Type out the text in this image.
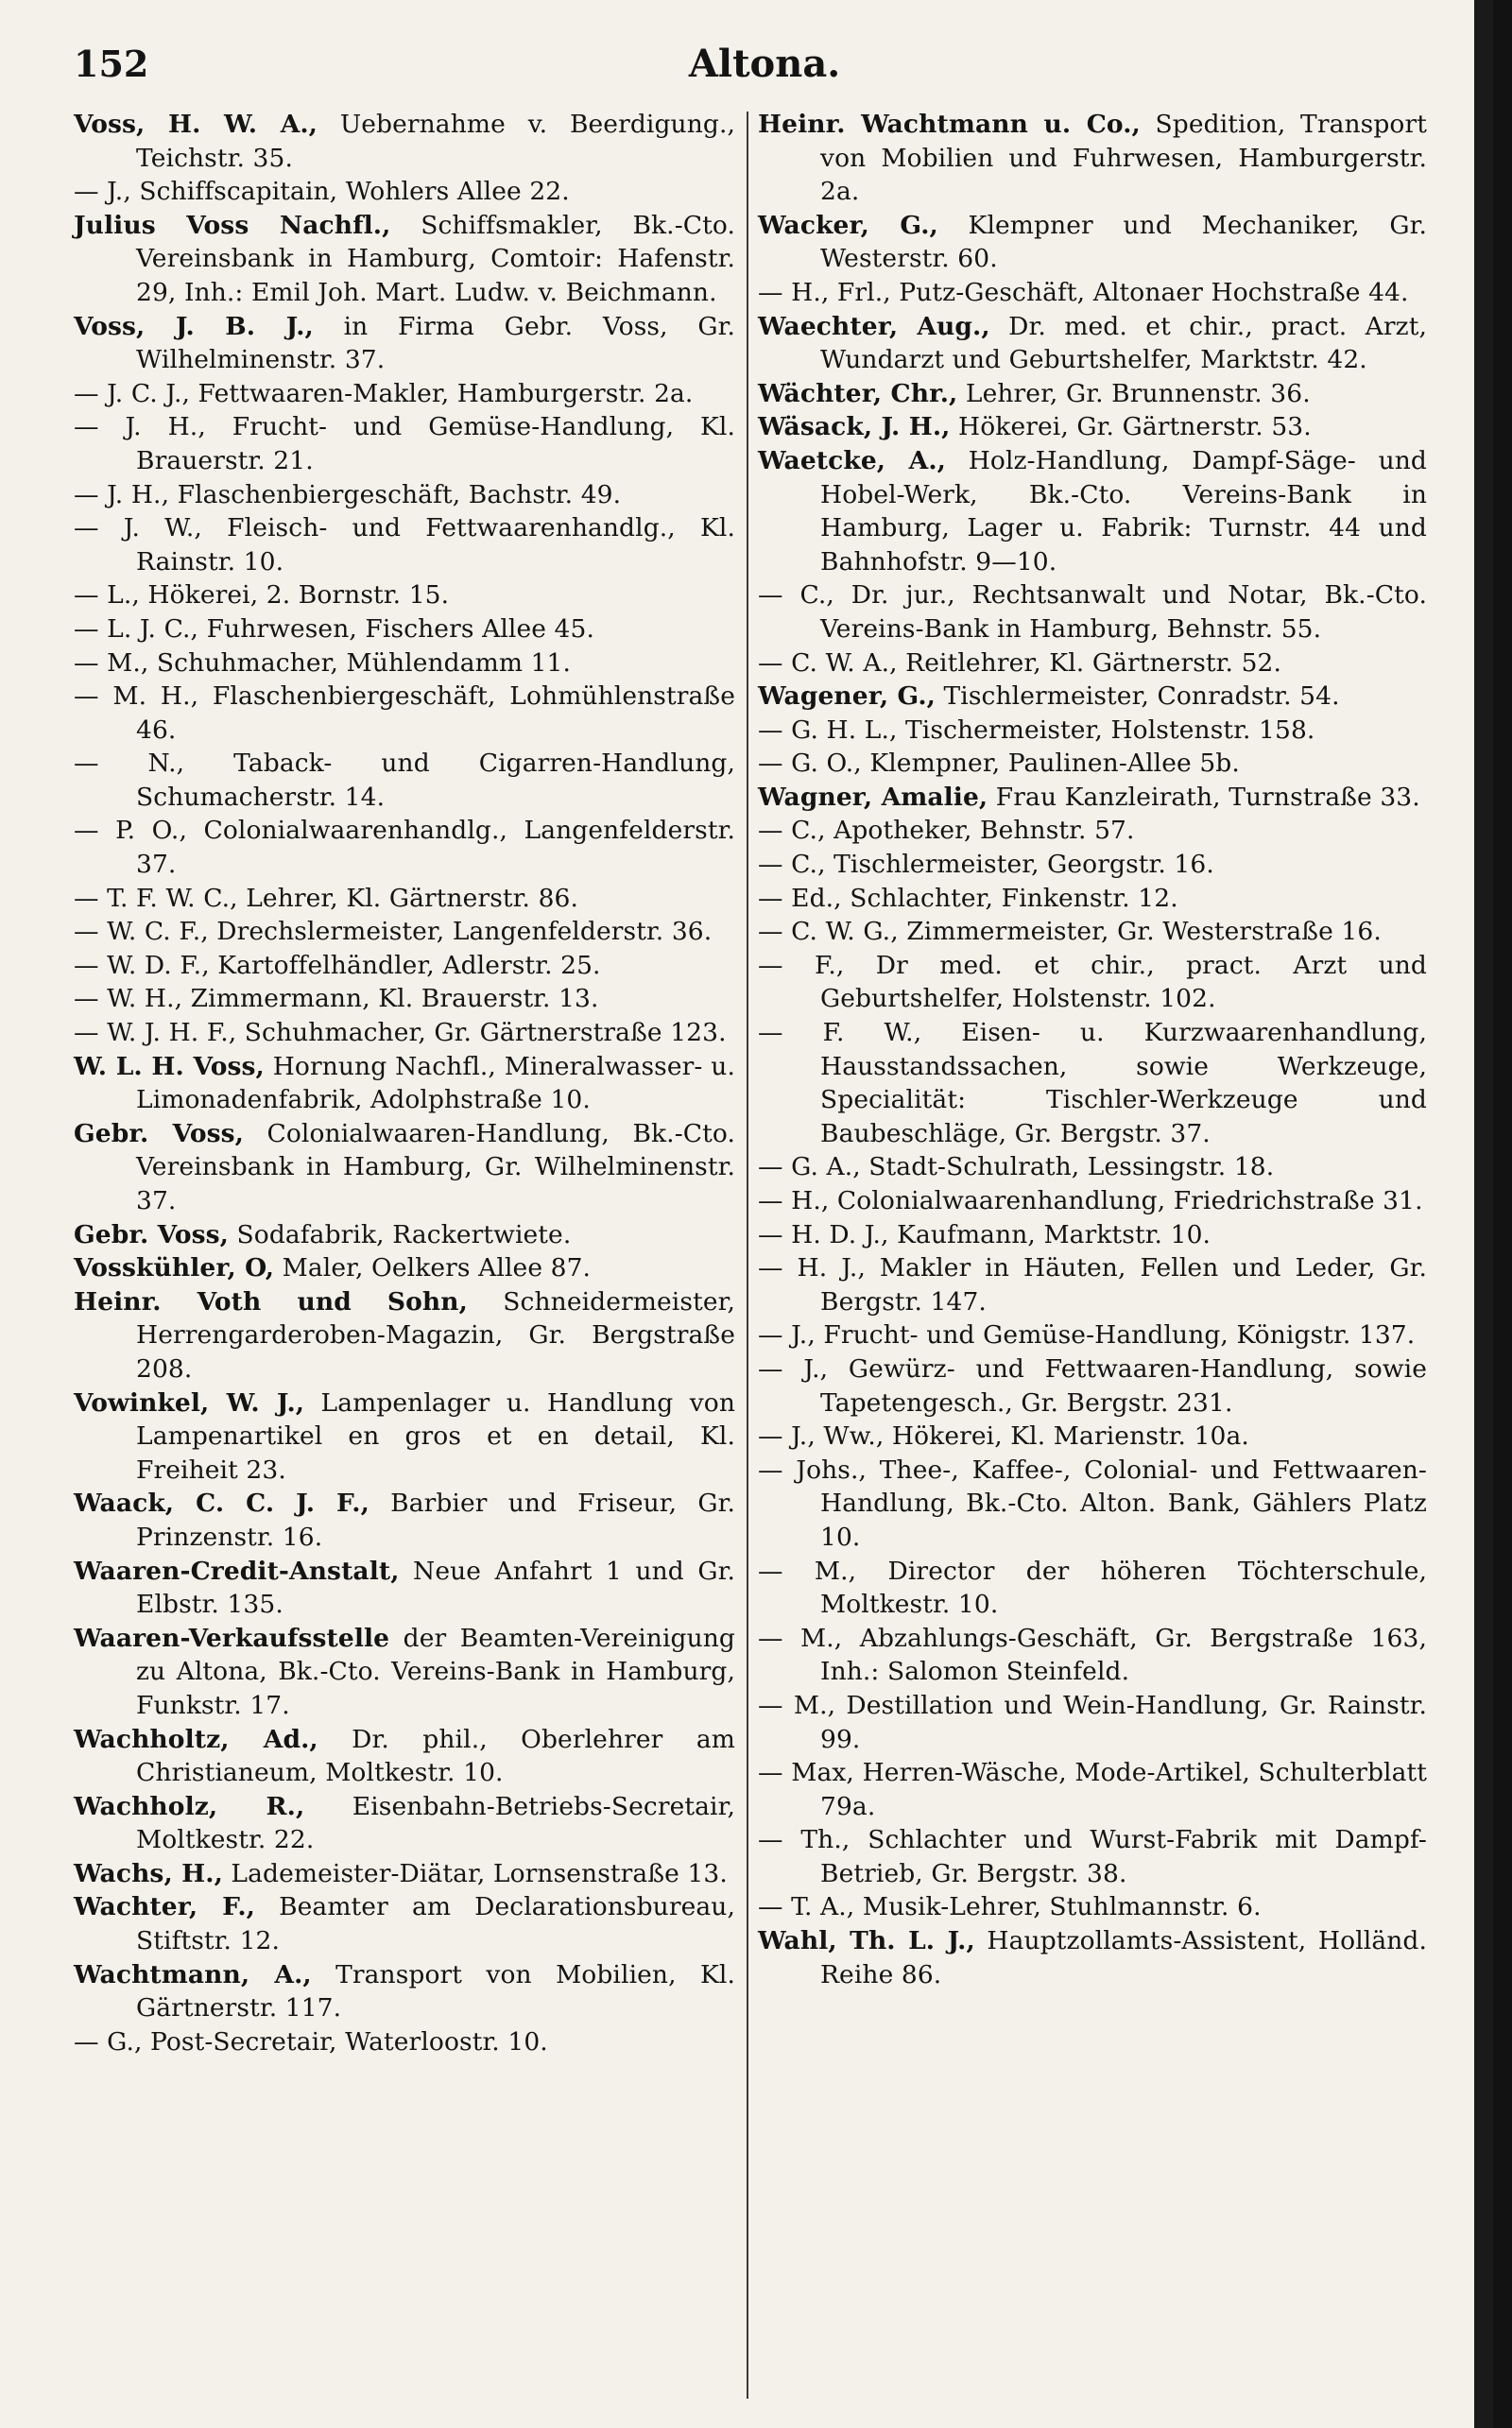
152	Altona.
Voss, H. W. A., Uebernahme v. Beerdigung., Teichstr. 35.
— J., Schiffscapitain, Wohlers Allee 22.
Julius Voss Nachfl., Schiffsmakler, Bk.-Cto. Vereinsbank in Hamburg, Comtoir: Hafenstr. 29, Inh.: Emil Joh. Mart. Ludw. v. Beichmann.
Voss, J. B. J., in Firma Gebr. Voss, Gr. Wilhelminenstr. 37.
— J. C. J., Fettwaaren-Makler, Hamburgerstr. 2a.
— J. H., Frucht- und Gemüse-Handlung, Kl. Brauerstr. 21.
— J. H., Flaschenbiergeschäft, Bachstr. 49.
— J. W., Fleisch- und Fettwaarenhandlg., Kl. Rainstr. 10.
— L., Hökerei, 2. Bornstr. 15.
— L. J. C., Fuhrwesen, Fischers Allee 45.
— M., Schuhmacher, Mühlendamm 11.
— M. H., Flaschenbiergeschäft, Lohmühlenstraße 46.
— N., Taback- und Cigarren-Handlung, Schumacherstr. 14.
— P. O., Colonialwaarenhandlg., Langenfelderstr. 37.
— T. F. W. C., Lehrer, Kl. Gärtnerstr. 86.
— W. C. F., Drechslermeister, Langenfelderstr. 36.
— W. D. F., Kartoffelhändler, Adlerstr. 25.
— W. H., Zimmermann, Kl. Brauerstr. 13.
— W. J. H. F., Schuhmacher, Gr. Gärtnerstraße 123.
W. L. H. Voss, Hornung Nachfl., Mineralwasser- u. Limonadenfabrik, Adolphstraße 10.
Gebr. Voss, Colonialwaaren-Handlung, Bk.-Cto. Vereinsbank in Hamburg, Gr. Wilhelminenstr. 37.
Gebr. Voss, Sodafabrik, Rackertwiete.
Vosskühler, O, Maler, Oelkers Allee 87.
Heinr. Voth und Sohn, Schneidermeister, Herrengarderoben-Magazin, Gr. Bergstraße 208.
Vowinkel, W. J., Lampenlager u. Handlung von Lampenartikel en gros et en detail, Kl. Freiheit 23.
Waack, C. C. J. F., Barbier und Friseur, Gr. Prinzenstr. 16.
Waaren-Credit-Anstalt, Neue Anfahrt 1 und Gr. Elbstr. 135.
Waaren-Verkaufsstelle der Beamten-Vereinigung zu Altona, Bk.-Cto. Vereins-Bank in Hamburg, Funkstr. 17.
Wachholtz, Ad., Dr. phil., Oberlehrer am Christianeum, Moltkestr. 10.
Wachholz, R., Eisenbahn-Betriebs-Secretair, Moltkestr. 22.
Wachs, H., Lademeister-Diätar, Lornsenstraße 13.
Wachter, F., Beamter am Declarationsbureau, Stiftstr. 12.
Wachtmann, A., Transport von Mobilien, Kl. Gärtnerstr. 117.
— G., Post-Secretair, Waterloostr. 10.
Heinr. Wachtmann u. Co., Spedition, Transport von Mobilien und Fuhrwesen, Hamburgerstr. 2a.
Wacker, G., Klempner und Mechaniker, Gr. Westerstr. 60.
— H., Frl., Putz-Geschäft, Altonaer Hochstraße 44.
Waechter, Aug., Dr. med. et chir., pract. Arzt, Wundarzt und Geburtshelfer, Marktstr. 42.
Wächter, Chr., Lehrer, Gr. Brunnenstr. 36.
Wäsack, J. H., Hökerei, Gr. Gärtnerstr. 53.
Waetcke, A., Holz-Handlung, Dampf-Säge- und Hobel-Werk, Bk.-Cto. Vereins-Bank in Hamburg, Lager u. Fabrik: Turnstr. 44 und Bahnhofstr. 9—10.
— C., Dr. jur., Rechtsanwalt und Notar, Bk.-Cto. Vereins-Bank in Hamburg, Behnstr. 55.
— C. W. A., Reitlehrer, Kl. Gärtnerstr. 52.
Wagener, G., Tischlermeister, Conradstr. 54.
— G. H. L., Tischermeister, Holstenstr. 158.
— G. O., Klempner, Paulinen-Allee 5b.
Wagner, Amalie, Frau Kanzleirath, Turnstraße 33.
— C., Apotheker, Behnstr. 57.
— C., Tischlermeister, Georgstr. 16.
— Ed., Schlachter, Finkenstr. 12.
— C. W. G., Zimmermeister, Gr. Westerstraße 16.
— F., Dr med. et chir., pract. Arzt und Geburtshelfer, Holstenstr. 102.
— F. W., Eisen- u. Kurzwaarenhandlung, Hausstandssachen, sowie Werkzeuge, Specialität: Tischler-Werkzeuge und Baubeschläge, Gr. Bergstr. 37.
— G. A., Stadt-Schulrath, Lessingstr. 18.
— H., Colonialwaarenhandlung, Friedrichstraße 31.
— H. D. J., Kaufmann, Marktstr. 10.
— H. J., Makler in Häuten, Fellen und Leder, Gr. Bergstr. 147.
— J., Frucht- und Gemüse-Handlung, Königstr. 137.
— J., Gewürz- und Fettwaaren-Handlung, sowie Tapetengesch., Gr. Bergstr. 231.
— J., Ww., Hökerei, Kl. Marienstr. 10a.
— Johs., Thee-, Kaffee-, Colonial- und Fettwaaren-Handlung, Bk.-Cto. Alton. Bank, Gählers Platz 10.
— M., Director der höheren Töchterschule, Moltkestr. 10.
— M., Abzahlungs-Geschäft, Gr. Bergstraße 163, Inh.: Salomon Steinfeld.
— M., Destillation und Wein-Handlung, Gr. Rainstr. 99.
— Max, Herren-Wäsche, Mode-Artikel, Schulterblatt 79a.
— Th., Schlachter und Wurst-Fabrik mit Dampf-Betrieb, Gr. Bergstr. 38.
— T. A., Musik-Lehrer, Stuhlmannstr. 6.
Wahl, Th. L. J., Hauptzollamts-Assistent, Holländ. Reihe 86.
